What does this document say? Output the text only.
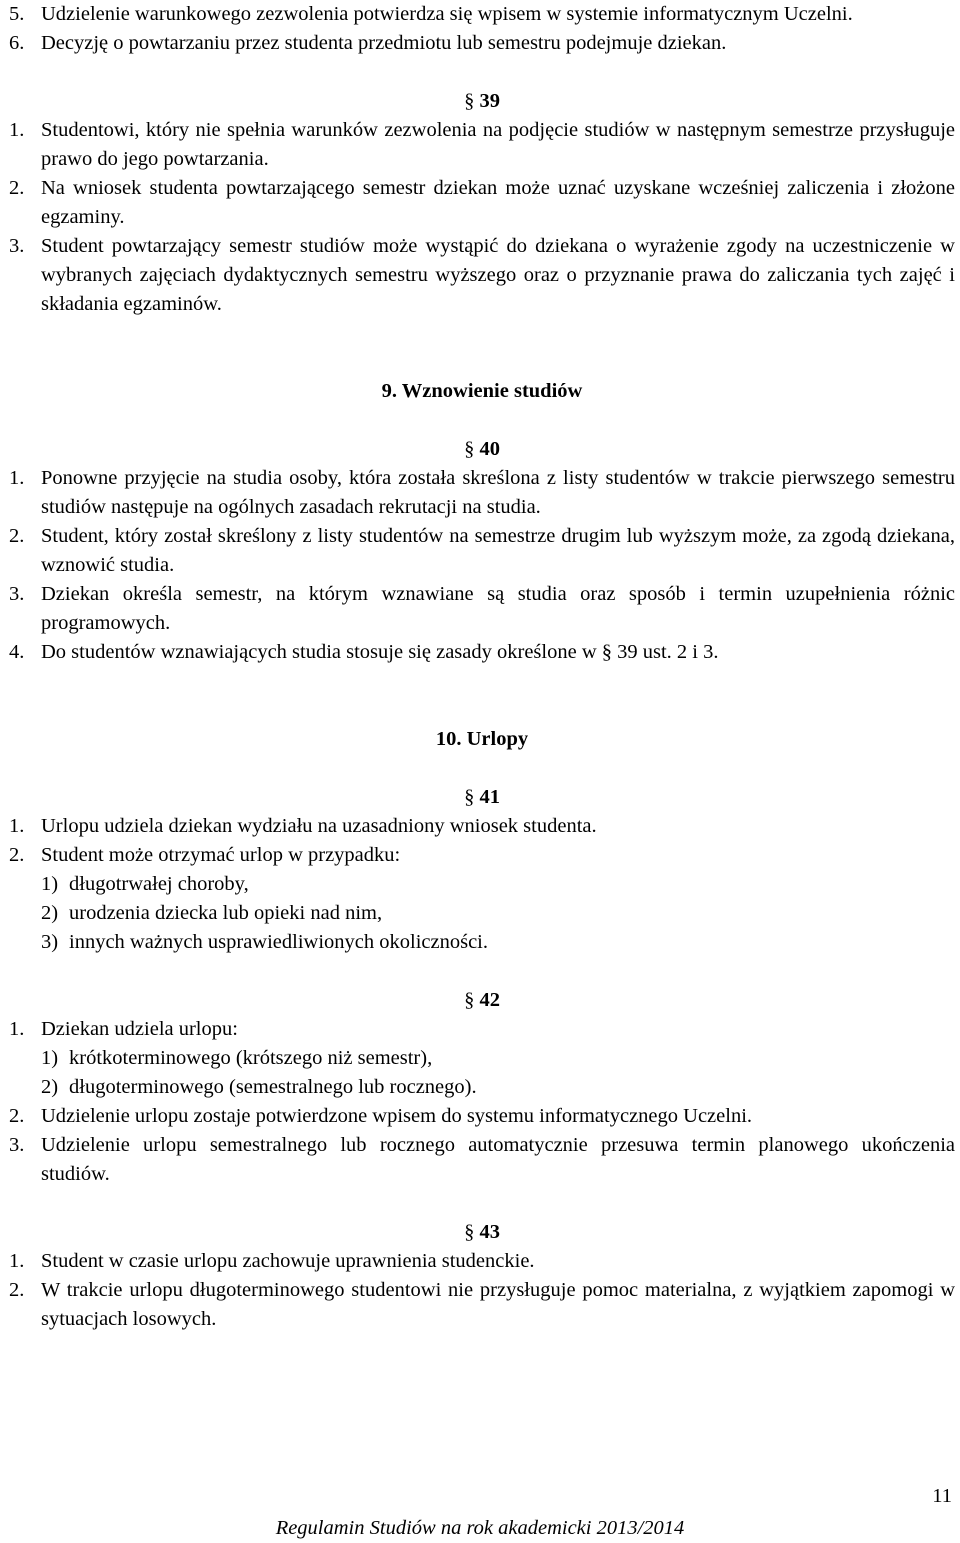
5. Udzielenie warunkowego zezwolenia potwierdza się wpisem w systemie informatycznym Uczelni.
6. Decyzję o powtarzaniu przez studenta przedmiotu lub semestru podejmuje dziekan.
§ 39
1. Studentowi, który nie spełnia warunków zezwolenia na podjęcie studiów w następnym semestrze przysługuje prawo do jego powtarzania.
2. Na wniosek studenta powtarzającego semestr dziekan może uznać uzyskane wcześniej zaliczenia i złożone egzaminy.
3. Student powtarzający semestr studiów może wystąpić do dziekana o wyrażenie zgody na uczestniczenie w wybranych zajęciach dydaktycznych semestru wyższego oraz o przyznanie prawa do zaliczania tych zajęć i składania egzaminów.
9. Wznowienie studiów
§ 40
1. Ponowne przyjęcie na studia osoby, która została skreślona z listy studentów w trakcie pierwszego semestru studiów następuje na ogólnych zasadach rekrutacji na studia.
2. Student, który został skreślony z listy studentów na semestrze drugim lub wyższym może, za zgodą dziekana, wznowić studia.
3. Dziekan określa semestr, na którym wznawiane są studia oraz sposób i termin uzupełnienia różnic programowych.
4. Do studentów wznawiających studia stosuje się zasady określone w § 39 ust. 2 i 3.
10. Urlopy
§ 41
1. Urlopu udziela dziekan wydziału na uzasadniony wniosek studenta.
2. Student może otrzymać urlop w przypadku:
1) długotrwałej choroby,
2) urodzenia dziecka lub opieki nad nim,
3) innych ważnych usprawiedliwionych okoliczności.
§ 42
1. Dziekan udziela urlopu:
1) krótkoterminowego (krótszego niż semestr),
2) długoterminowego (semestralnego lub rocznego).
2. Udzielenie urlopu zostaje potwierdzone wpisem do systemu informatycznego Uczelni.
3. Udzielenie urlopu semestralnego lub rocznego automatycznie przesuwa termin planowego ukończenia studiów.
§ 43
1. Student w czasie urlopu zachowuje uprawnienia studenckie.
2. W trakcie urlopu długoterminowego studentowi nie przysługuje pomoc materialna, z wyjątkiem zapomogi w sytuacjach losowych.
11
Regulamin Studiów na rok akademicki 2013/2014
